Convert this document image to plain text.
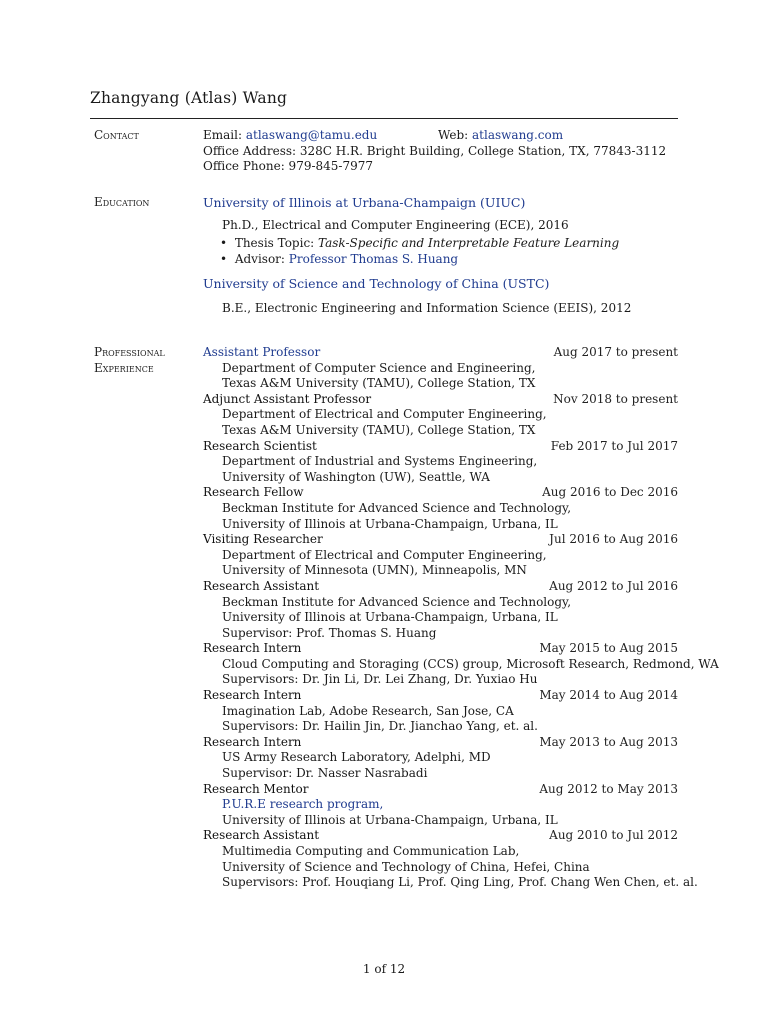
Zhangyang (Atlas) Wang
Contact	Email: atlaswang@tamu.edu	Web: atlaswang.com
Office Address: 328C H.R. Bright Building, College Station, TX, 77843-3112
Office Phone: 979-845-7977
Education	University of Illinois at Urbana-Champaign (UIUC)
Ph.D., Electrical and Computer Engineering (ECE), 2016
• Thesis Topic: Task-Specific and Interpretable Feature Learning
• Advisor: Professor Thomas S. Huang
University of Science and Technology of China (USTC)
B.E., Electronic Engineering and Information Science (EEIS), 2012
Professional
Experience
Assistant Professor	Aug 2017 to present
Department of Computer Science and Engineering,
Texas A&M University (TAMU), College Station, TX
Adjunct Assistant Professor	Nov 2018 to present
Department of Electrical and Computer Engineering,
Texas A&M University (TAMU), College Station, TX
Research Scientist	Feb 2017 to Jul 2017
Department of Industrial and Systems Engineering,
University of Washington (UW), Seattle, WA
Research Fellow	Aug 2016 to Dec 2016
Beckman Institute for Advanced Science and Technology,
University of Illinois at Urbana-Champaign, Urbana, IL
Visiting Researcher	Jul 2016 to Aug 2016
Department of Electrical and Computer Engineering,
University of Minnesota (UMN), Minneapolis, MN
Research Assistant	Aug 2012 to Jul 2016
Beckman Institute for Advanced Science and Technology,
University of Illinois at Urbana-Champaign, Urbana, IL
Supervisor: Prof. Thomas S. Huang
Research Intern	May 2015 to Aug 2015
Cloud Computing and Storaging (CCS) group, Microsoft Research, Redmond, WA
Supervisors: Dr. Jin Li, Dr. Lei Zhang, Dr. Yuxiao Hu
Research Intern	May 2014 to Aug 2014
Imagination Lab, Adobe Research, San Jose, CA
Supervisors: Dr. Hailin Jin, Dr. Jianchao Yang, et. al.
Research Intern	May 2013 to Aug 2013
US Army Research Laboratory, Adelphi, MD
Supervisor: Dr. Nasser Nasrabadi
Research Mentor	Aug 2012 to May 2013
P.U.R.E research program,
University of Illinois at Urbana-Champaign, Urbana, IL
Research Assistant	Aug 2010 to Jul 2012
Multimedia Computing and Communication Lab,
University of Science and Technology of China, Hefei, China
Supervisors: Prof. Houqiang Li, Prof. Qing Ling, Prof. Chang Wen Chen, et. al.
1 of 12
